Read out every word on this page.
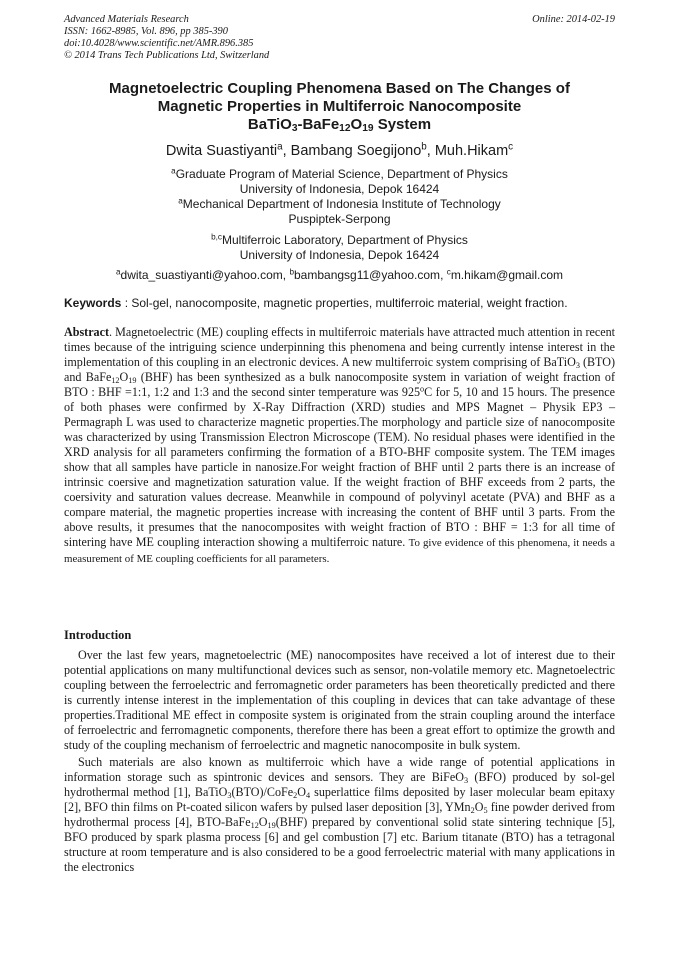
Advanced Materials Research	Online: 2014-02-19
ISSN: 1662-8985, Vol. 896, pp 385-390
doi:10.4028/www.scientific.net/AMR.896.385
© 2014 Trans Tech Publications Ltd, Switzerland
Magnetoelectric Coupling Phenomena Based on The Changes of
Magnetic Properties in Multiferroic Nanocomposite
$BaTiO_3-BaFe_{12}O_{19}$ System
Dwita Suastiyanti$^a$, Bambang Soegijono$^b$, Muh.Hikam$^c$
$^a$Graduate Program of Material Science, Department of Physics
University of Indonesia, Depok 16424
$^a$Mechanical Department of Indonesia Institute of Technology
Puspiptek-Serpong
$^{b,c}$Multiferroic Laboratory, Department of Physics
University of Indonesia, Depok 16424
$^a$dwita_suastiyanti@yahoo.com, $^b$bambangsg11@yahoo.com, $^c$m.hikam@gmail.com
Keywords : Sol-gel, nanocomposite, magnetic properties, multiferroic material, weight fraction.
Abstract. Magnetoelectric (ME) coupling effects in multiferroic materials have attracted much attention in recent times because of the intriguing science underpinning this phenomena and being currently intense interest in the implementation of this coupling in an electronic devices. A new multiferroic system comprising of BaTiO$_3$ (BTO) and $BaFe_{12}O_{19}$ (BHF) has been synthesized as a bulk nanocomposite system in variation of weight fraction of BTO : BHF =1:1, 1:2 and 1:3 and the second sinter temperature was 925$^o$C for 5, 10 and 15 hours. The presence of both phases were confirmed by X-Ray Diffraction (XRD) studies and MPS Magnet – Physik EP3 – Permagraph L was used to characterize magnetic properties.The morphology and particle size of nanocomposite was characterized by using Transmission Electron Microscope (TEM). No residual phases were identified in the XRD analysis for all parameters confirming the formation of a BTO-BHF composite system. The TEM images show that all samples have particle in nanosize.For weight fraction of BHF until 2 parts there is an increase of intrinsic coersive and magnetization saturation value. If the weight fraction of BHF exceeds from 2 parts, the coersivity and saturation values decrease. Meanwhile in compound of polyvinyl acetate (PVA) and BHF as a compare material, the magnetic properties increase with increasing the content of BHF until 3 parts. From the above results, it presumes that the nanocomposites with weight fraction of BTO : BHF = 1:3 for all time of sintering have ME coupling interaction showing a multiferroic nature. To give evidence of this phenomena, it needs a measurement of ME coupling coefficients for all parameters.
Introduction

Over the last few years, magnetoelectric (ME) nanocomposites have received a lot of interest due to their potential applications on many multifunctional devices such as sensor, non-volatile memory etc. Magnetoelectric coupling between the ferroelectric and ferromagnetic order parameters has been theoretically predicted and there is currently intense interest in the implementation of this coupling in devices that can take advantage of these properties.Traditional ME effect in composite system is originated from the strain coupling around the interface of ferroelectric and ferromagnetic components, therefore there has been a great effort to optimize the growth and study of the coupling mechanism of ferroelectric and magnetic nanocomposite in bulk system.

Such materials are also known as multiferroic which have a wide range of potential applications in information storage such as spintronic devices and sensors. They are BiFeO$_3$ (BFO) produced by sol-gel hydrothermal method [1], $BaTiO_3(BTO)/CoFe_2O_4$ superlattice films deposited by laser molecular beam epitaxy [2], BFO thin films on Pt-coated silicon wafers by pulsed laser deposition [3], $YMn_2O_5$ fine powder derived from hydrothermal process [4], BTO-$BaFe_{12}O_{19}(BHF)$ prepared by conventional solid state sintering technique [5], BFO produced by spark plasma process [6] and gel combustion [7] etc. Barium titanate (BTO) has a tetragonal structure at room temperature and is also considered to be a good ferroelectric material with many applications in the electronics
